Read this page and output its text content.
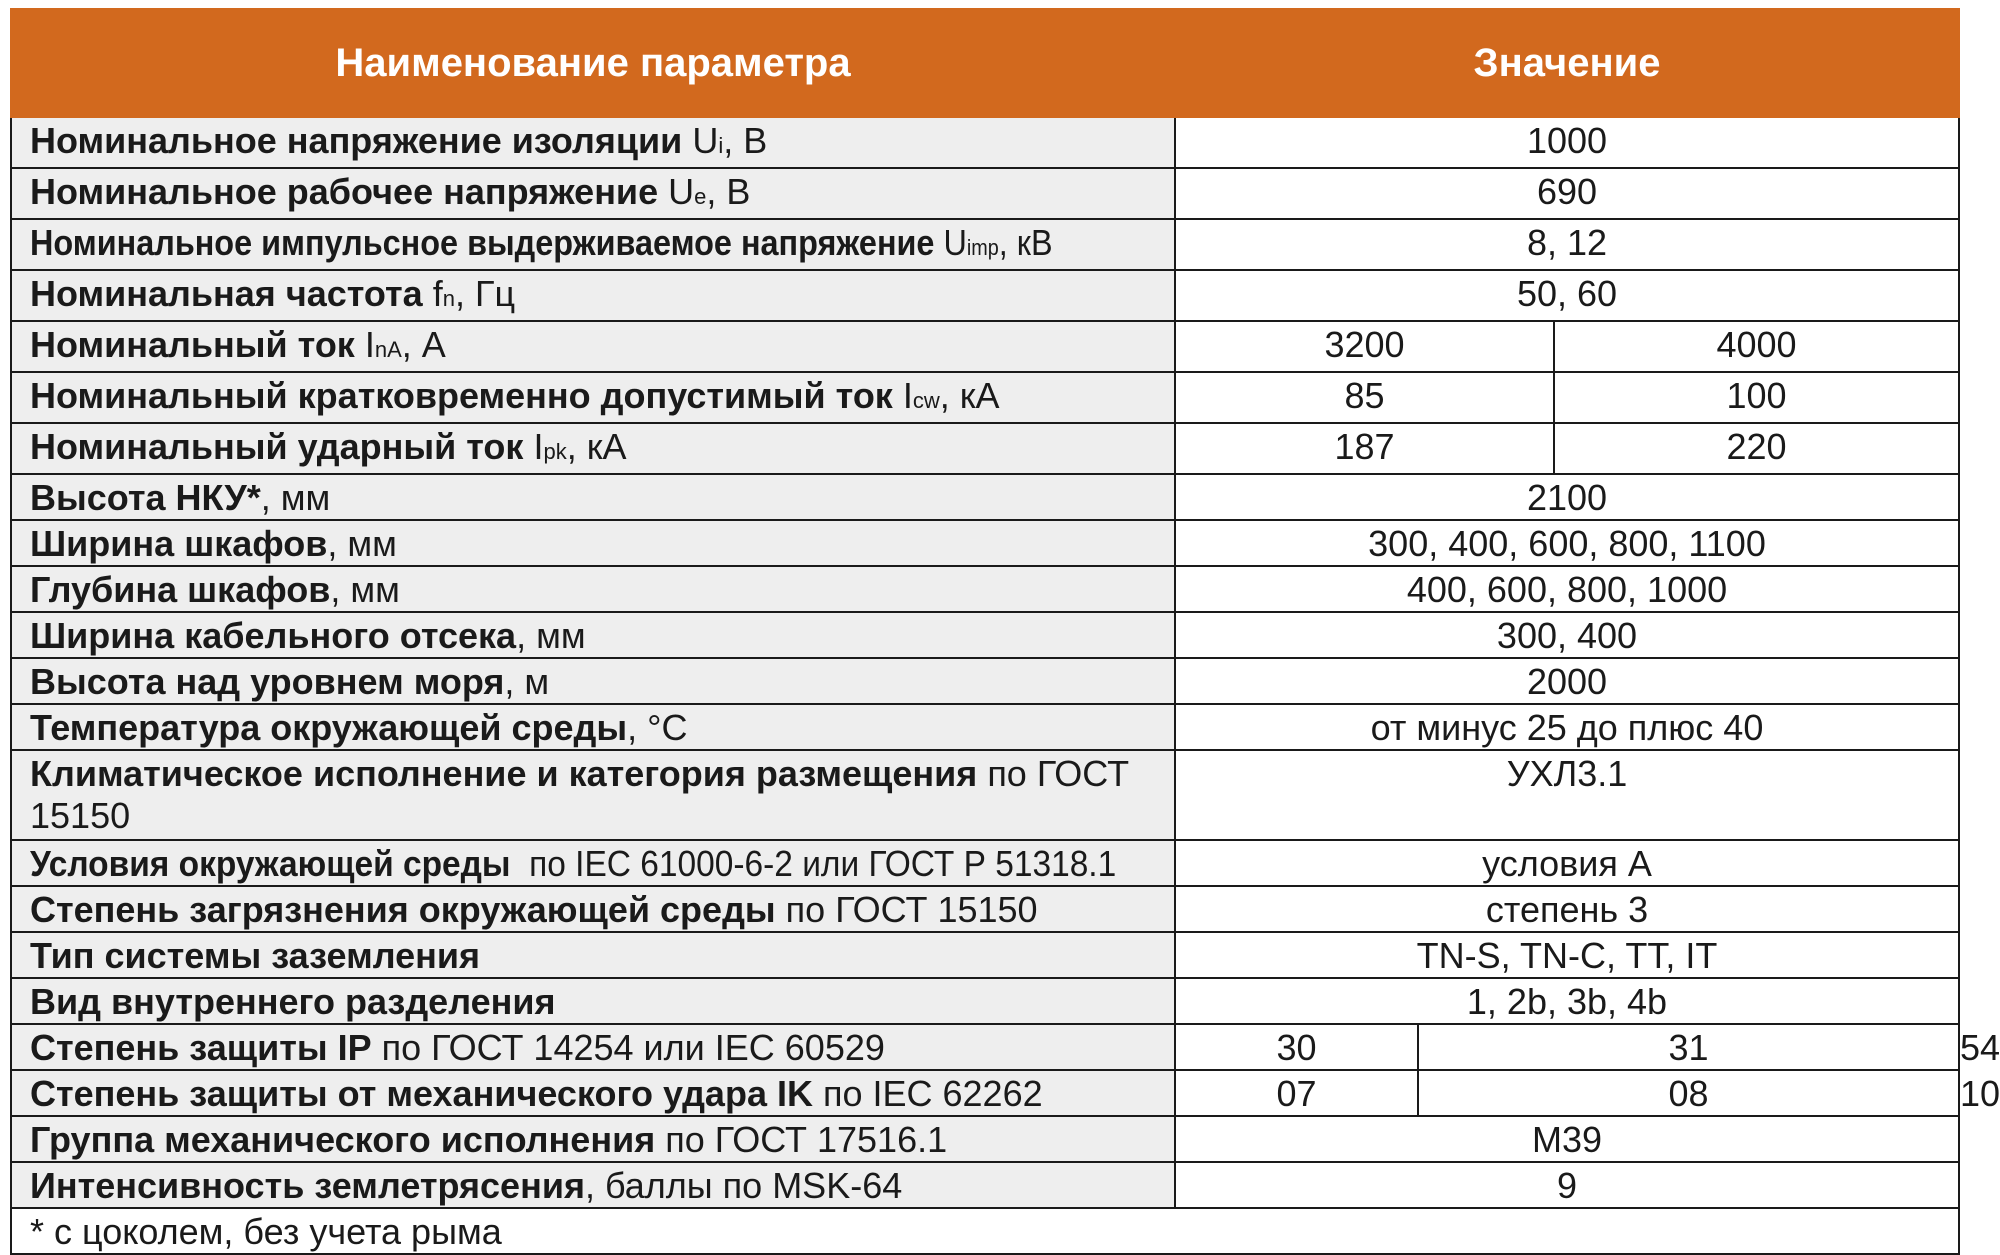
Наименование параметра	Значение			
Номинальное напряжение изоляции Ui, В	1000			
Номинальное рабочее напряжение Ue, В	690			
Номинальное импульсное выдерживаемое напряжение Uimp, кВ	8, 12			
Номинальная частота fn, Гц	50, 60			
Номинальный ток InA, А	3200		4000	
Номинальный кратковременно допустимый ток Icw, кА	85		100	
Номинальный ударный ток Ipk, кА	187		220	
Высота НКУ*, мм	2100			
Ширина шкафов, мм	300, 400, 600, 800, 1100			
Глубина шкафов, мм	400, 600, 800, 1000			
Ширина кабельного отсека, мм	300, 400			
Высота над уровнем моря, м	2000			
Температура окружающей среды, °С	от минус 25 до плюс 40			
Климатическое исполнение и категория размещения по ГОСТ 15150	УХЛ3.1			
Условия окружающей среды  по IEC 61000-6-2 или ГОСТ Р 51318.1	условия А			
Степень загрязнения окружающей среды по ГОСТ 15150	степень 3			
Тип системы заземления	TN-S, TN-C, TT, IT			
Вид внутреннего разделения	1, 2b, 3b, 4b			
Степень защиты IP по ГОСТ 14254 или IEC 60529	30	31		54
Степень защиты от механического удара IK по IEC 62262	07	08		10
Группа механического исполнения по ГОСТ 17516.1	М39			
Интенсивность землетрясения, баллы по MSK-64	9			
* с цоколем, без учета рыма				
